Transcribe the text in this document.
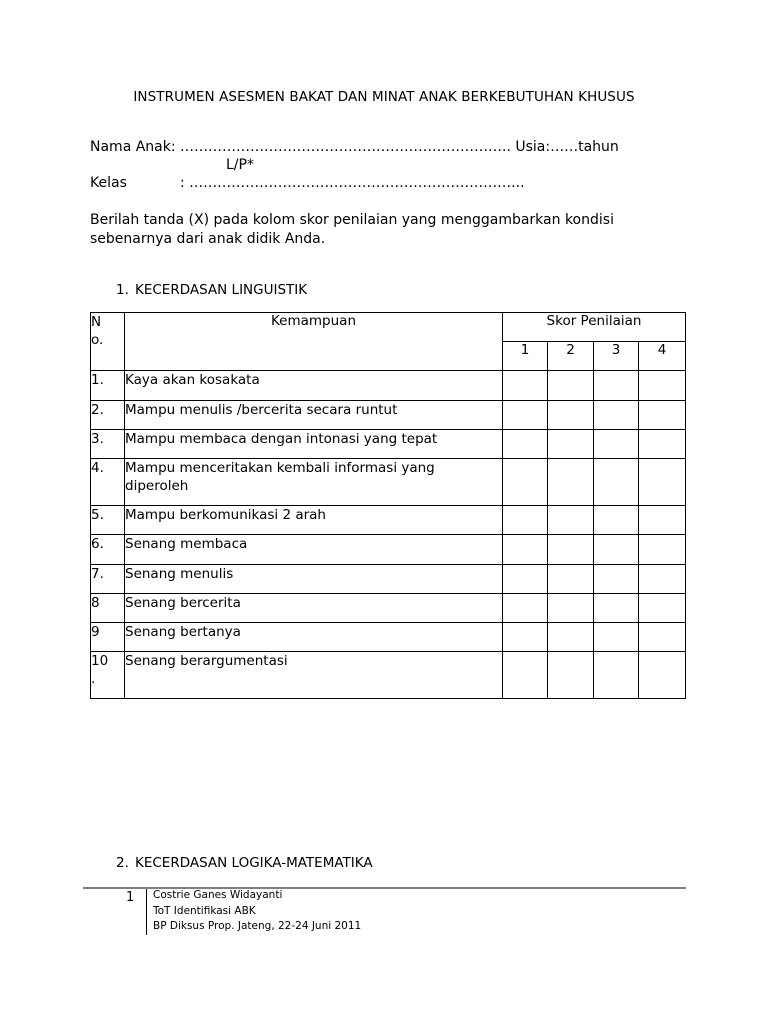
INSTRUMEN ASESMEN BAKAT DAN MINAT ANAK BERKEBUTUHAN KHUSUS
Nama Anak: …………………………………………………………….. Usia:……tahun
L/P*
Kelas	: ……………………………………………………………...
Berilah tanda (X) pada kolom skor penilaian yang menggambarkan kondisi
sebenarnya dari anak didik Anda.
1. KECERDASAN LINGUISTIK
N o.	Kemampuan	Skor Penilaian			
		1	2	3	4
1.	Kaya akan kosakata				
2.	Mampu menulis /bercerita secara runtut				
3.	Mampu membaca dengan intonasi yang tepat				
4.	Mampu menceritakan kembali informasi yang diperoleh				

5.	Mampu berkomunikasi 2 arah				
6.	Senang membaca				
7.	Senang menulis				
8	Senang bercerita				
9	Senang bertanya				

10 .	Senang berargumentasi				
2. KECERDASAN LOGIKA-MATEMATIKA
1	Costrie Ganes Widayanti
ToT Identifikasi ABK
BP Diksus Prop. Jateng, 22-24 Juni 2011
